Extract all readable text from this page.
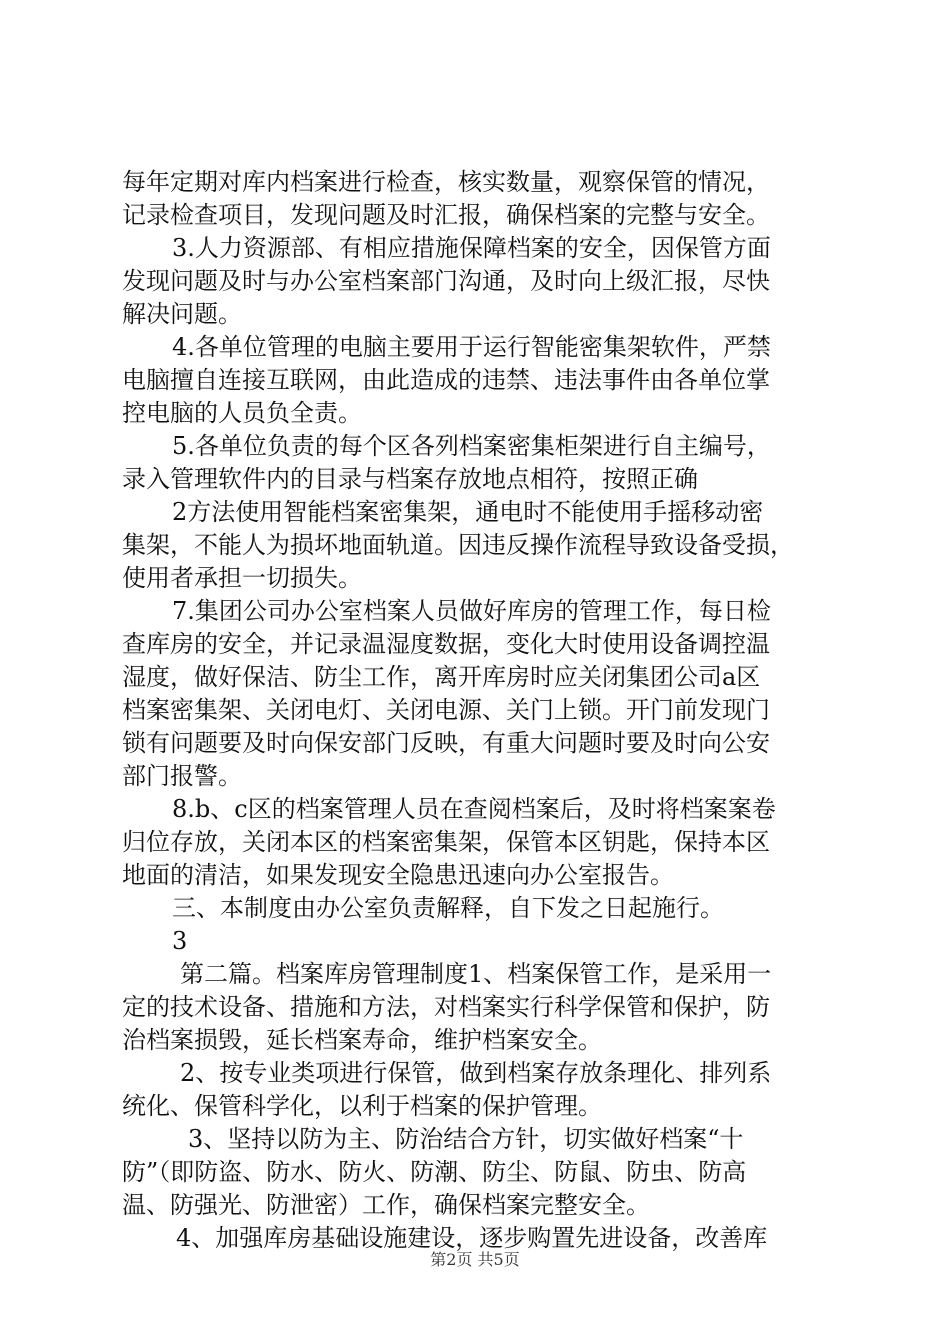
每年定期对库内档案进行检查，核实数量，观察保管的情况，
记录检查项目，发现问题及时汇报，确保档案的完整与安全。
3.人力资源部、有相应措施保障档案的安全，因保管方面
发现问题及时与办公室档案部门沟通，及时向上级汇报，尽快
解决问题。
4.各单位管理的电脑主要用于运行智能密集架软件，严禁
电脑擅自连接互联网，由此造成的违禁、违法事件由各单位掌
控电脑的人员负全责。
5.各单位负责的每个区各列档案密集柜架进行自主编号，
录入管理软件内的目录与档案存放地点相符，按照正确
2方法使用智能档案密集架，通电时不能使用手摇移动密
集架，不能人为损坏地面轨道。因违反操作流程导致设备受损，
使用者承担一切损失。
7.集团公司办公室档案人员做好库房的管理工作，每日检
查库房的安全，并记录温湿度数据，变化大时使用设备调控温
湿度，做好保洁、防尘工作，离开库房时应关闭集团公司a区
档案密集架、关闭电灯、关闭电源、关门上锁。开门前发现门
锁有问题要及时向保安部门反映，有重大问题时要及时向公安
部门报警。
8.b、c区的档案管理人员在查阅档案后，及时将档案案卷
归位存放，关闭本区的档案密集架，保管本区钥匙，保持本区
地面的清洁，如果发现安全隐患迅速向办公室报告。
三、本制度由办公室负责解释，自下发之日起施行。
3
第二篇。档案库房管理制度1、档案保管工作，是采用一
定的技术设备、措施和方法，对档案实行科学保管和保护，防
治档案损毁，延长档案寿命，维护档案安全。
2、按专业类项进行保管，做到档案存放条理化、排列系
统化、保管科学化，以利于档案的保护管理。
3、坚持以防为主、防治结合方针，切实做好档案“十
防”（即防盗、防水、防火、防潮、防尘、防鼠、防虫、防高
温、防强光、防泄密）工作，确保档案完整安全。
4、加强库房基础设施建设，逐步购置先进设备，改善库
第2页 共5页
